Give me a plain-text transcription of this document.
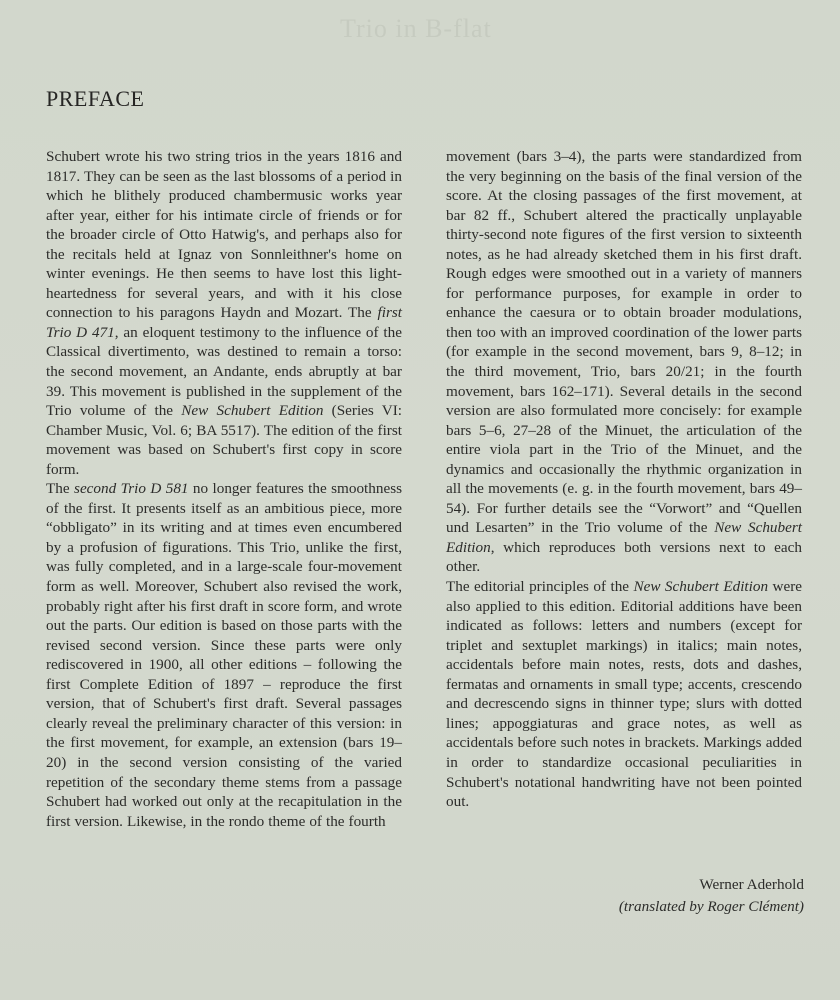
Trio in B-flat
PREFACE

Schubert wrote his two string trios in the years 1816 and 1817. They can be seen as the last blossoms of a period in which he blithely produced chambermusic works year after year, either for his intimate circle of friends or for the broader circle of Otto Hatwig's, and perhaps also for the recitals held at Ignaz von Sonnleithner's home on winter evenings. He then seems to have lost this light-heartedness for several years, and with it his close connection to his paragons Haydn and Mozart. The first Trio D 471, an eloquent testimony to the influence of the Classical divertimento, was destined to remain a torso: the second movement, an Andante, ends abruptly at bar 39. This movement is published in the supplement of the Trio volume of the New Schubert Edition (Series VI: Chamber Music, Vol. 6; BA 5517). The edition of the first movement was based on Schubert's first copy in score form.

The second Trio D 581 no longer features the smoothness of the first. It presents itself as an ambitious piece, more “obbligato” in its writing and at times even encumbered by a profusion of figurations. This Trio, unlike the first, was fully completed, and in a large-scale four-movement form as well. Moreover, Schubert also revised the work, probably right after his first draft in score form, and wrote out the parts. Our edition is based on those parts with the revised second version. Since these parts were only rediscovered in 1900, all other editions – following the first Complete Edition of 1897 – reproduce the first version, that of Schubert's first draft. Several passages clearly reveal the preliminary character of this version: in the first movement, for example, an extension (bars 19–20) in the second version consisting of the varied repetition of the secondary theme stems from a passage Schubert had worked out only at the recapitulation in the first version. Likewise, in the rondo theme of the fourth

movement (bars 3–4), the parts were standardized from the very beginning on the basis of the final version of the score. At the closing passages of the first movement, at bar 82 ff., Schubert altered the practically unplayable thirty-second note figures of the first version to sixteenth notes, as he had already sketched them in his first draft. Rough edges were smoothed out in a variety of manners for performance purposes, for example in order to enhance the caesura or to obtain broader modulations, then too with an improved coordination of the lower parts (for example in the second movement, bars 9, 8–12; in the third movement, Trio, bars 20/21; in the fourth movement, bars 162–171). Several details in the second version are also formulated more concisely: for example bars 5–6, 27–28 of the Minuet, the articulation of the entire viola part in the Trio of the Minuet, and the dynamics and occasionally the rhythmic organization in all the movements (e. g. in the fourth movement, bars 49–54). For further details see the “Vorwort” and “Quellen und Lesarten” in the Trio volume of the New Schubert Edition, which reproduces both versions next to each other.

The editorial principles of the New Schubert Edition were also applied to this edition. Editorial additions have been indicated as follows: letters and numbers (except for triplet and sextuplet markings) in italics; main notes, accidentals before main notes, rests, dots and dashes, fermatas and ornaments in small type; accents, crescendo and decrescendo signs in thinner type; slurs with dotted lines; appoggiaturas and grace notes, as well as accidentals before such notes in brackets. Markings added in order to standardize occasional peculiarities in Schubert's notational handwriting have not been pointed out.

Werner Aderhold
(translated by Roger Clément)
